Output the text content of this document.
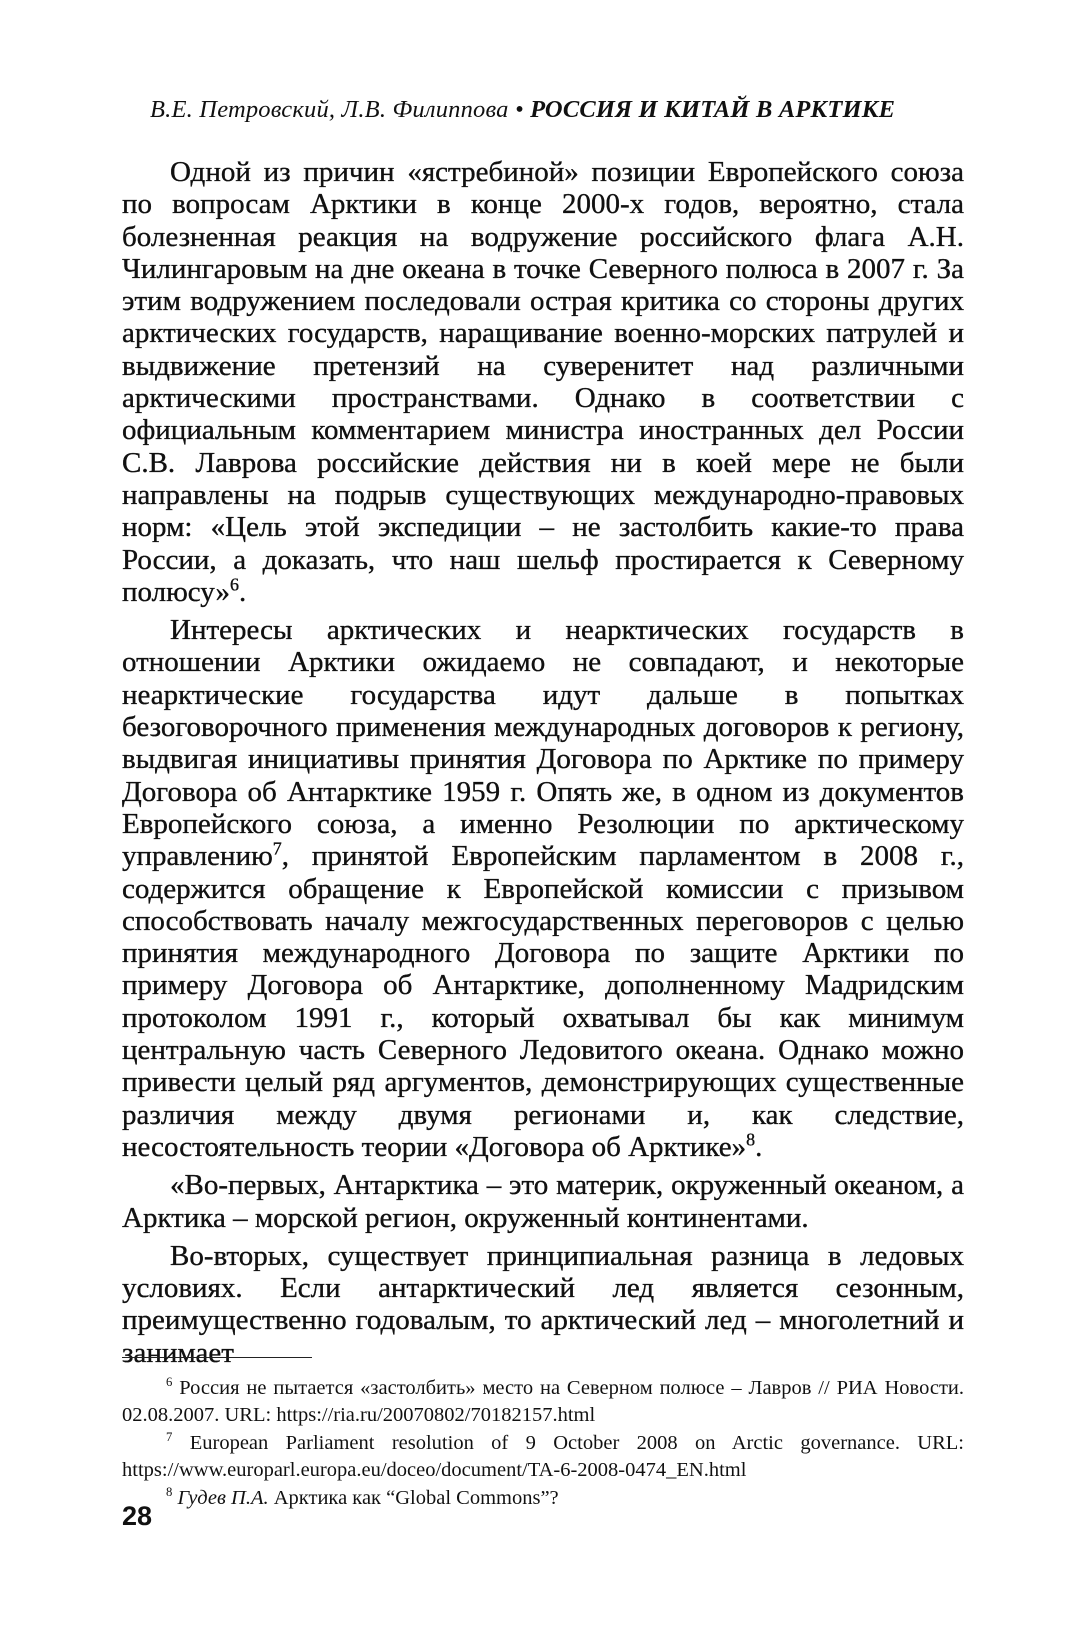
В.Е. Петровский, Л.В. Филиппова • РОССИЯ И КИТАЙ В АРКТИКЕ

Одной из причин «ястребиной» позиции Европейского союза по вопросам Арктики в конце 2000-х годов, вероятно, стала болезненная реакция на водружение российского флага А.Н. Чилингаровым на дне океана в точке Северного полюса в 2007 г. За этим водружением последовали острая критика со стороны других арктических государств, наращивание военно-морских патрулей и выдвижение претензий на суверенитет над различными арктическими пространствами. Однако в соответствии с официальным комментарием министра иностранных дел России С.В. Лаврова российские действия ни в коей мере не были направлены на подрыв существующих международно-правовых норм: «Цель этой экспедиции – не застолбить какие-то права России, а доказать, что наш шельф простирается к Северному полюсу»$^6$.

Интересы арктических и неарктических государств в отношении Арктики ожидаемо не совпадают, и некоторые неарктические государства идут дальше в попытках безоговорочного применения международных договоров к региону, выдвигая инициативы принятия Договора по Арктике по примеру Договора об Антарктике 1959 г. Опять же, в одном из документов Европейского союза, а именно Резолюции по арктическому управлению$^7$, принятой Европейским парламентом в 2008 г., содержится обращение к Европейской комиссии с призывом способствовать началу межгосударственных переговоров с целью принятия международного Договора по защите Арктики по примеру Договора об Антарктике, дополненному Мадридским протоколом 1991 г., который охватывал бы как минимум центральную часть Северного Ледовитого океана. Однако можно привести целый ряд аргументов, демонстрирующих существенные различия между двумя регионами и, как следствие, несостоятельность теории «Договора об Арктике»$^8$.

«Во-первых, Антарктика – это материк, окруженный океаном, а Арктика – морской регион, окруженный континентами.

Во-вторых, существует принципиальная разница в ледовых условиях. Если антарктический лед является сезонным, преимущественно годовалым, то арктический лед – многолетний и занимает

$^6$ Россия не пытается «застолбить» место на Северном полюсе – Лавров // РИА Новости. 02.08.2007. URL: https://ria.ru/20070802/70182157.html

$^7$ European Parliament resolution of 9 October 2008 on Arctic governance. URL: https://www.europarl.europa.eu/doceo/document/TA-6-2008-0474_EN.html

$^8$ Гудев П.А. Арктика как “Global Commons”?

28
